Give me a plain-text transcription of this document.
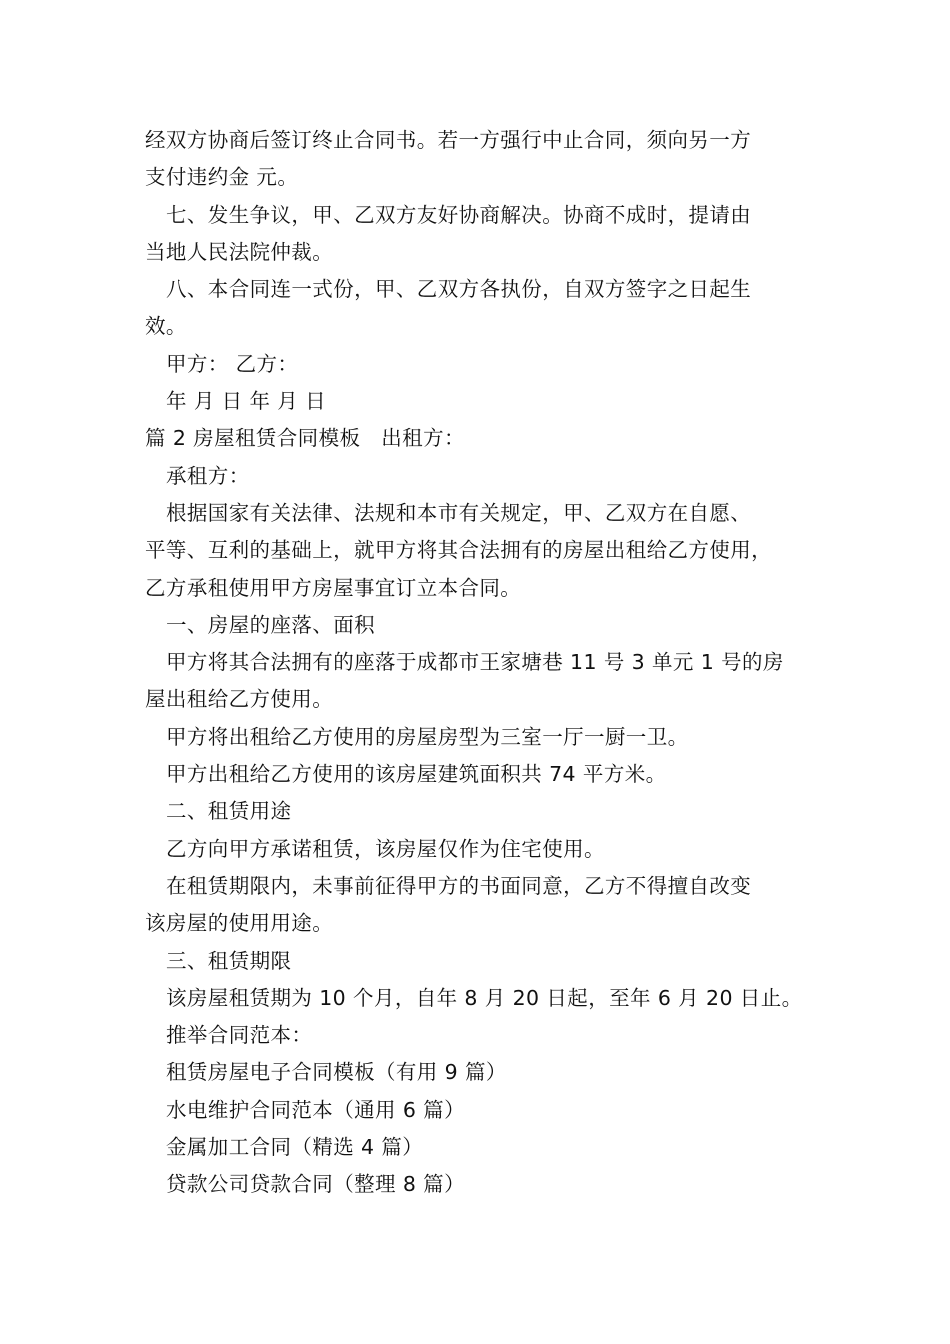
经双方协商后签订终止合同书。若一方强行中止合同，须向另一方
支付违约金 元。
七、发生争议，甲、乙双方友好协商解决。协商不成时，提请由
当地人民法院仲裁。
八、本合同连一式份，甲、乙双方各执份，自双方签字之日起生
效。
甲方： 乙方：
年 月 日 年 月 日
篇 2 房屋租赁合同模板　出租方：
承租方：
根据国家有关法律、法规和本市有关规定，甲、乙双方在自愿、
平等、互利的基础上，就甲方将其合法拥有的房屋出租给乙方使用，
乙方承租使用甲方房屋事宜订立本合同。
一、房屋的座落、面积
甲方将其合法拥有的座落于成都市王家塘巷 11 号 3 单元 1 号的房
屋出租给乙方使用。
甲方将出租给乙方使用的房屋房型为三室一厅一厨一卫。
甲方出租给乙方使用的该房屋建筑面积共 74 平方米。
二、租赁用途
乙方向甲方承诺租赁，该房屋仅作为住宅使用。
在租赁期限内，未事前征得甲方的书面同意，乙方不得擅自改变
该房屋的使用用途。
三、租赁期限
该房屋租赁期为 10 个月，自年 8 月 20 日起，至年 6 月 20 日止。
推举合同范本：
租赁房屋电子合同模板（有用 9 篇）
水电维护合同范本（通用 6 篇）
金属加工合同（精选 4 篇）
贷款公司贷款合同（整理 8 篇）
